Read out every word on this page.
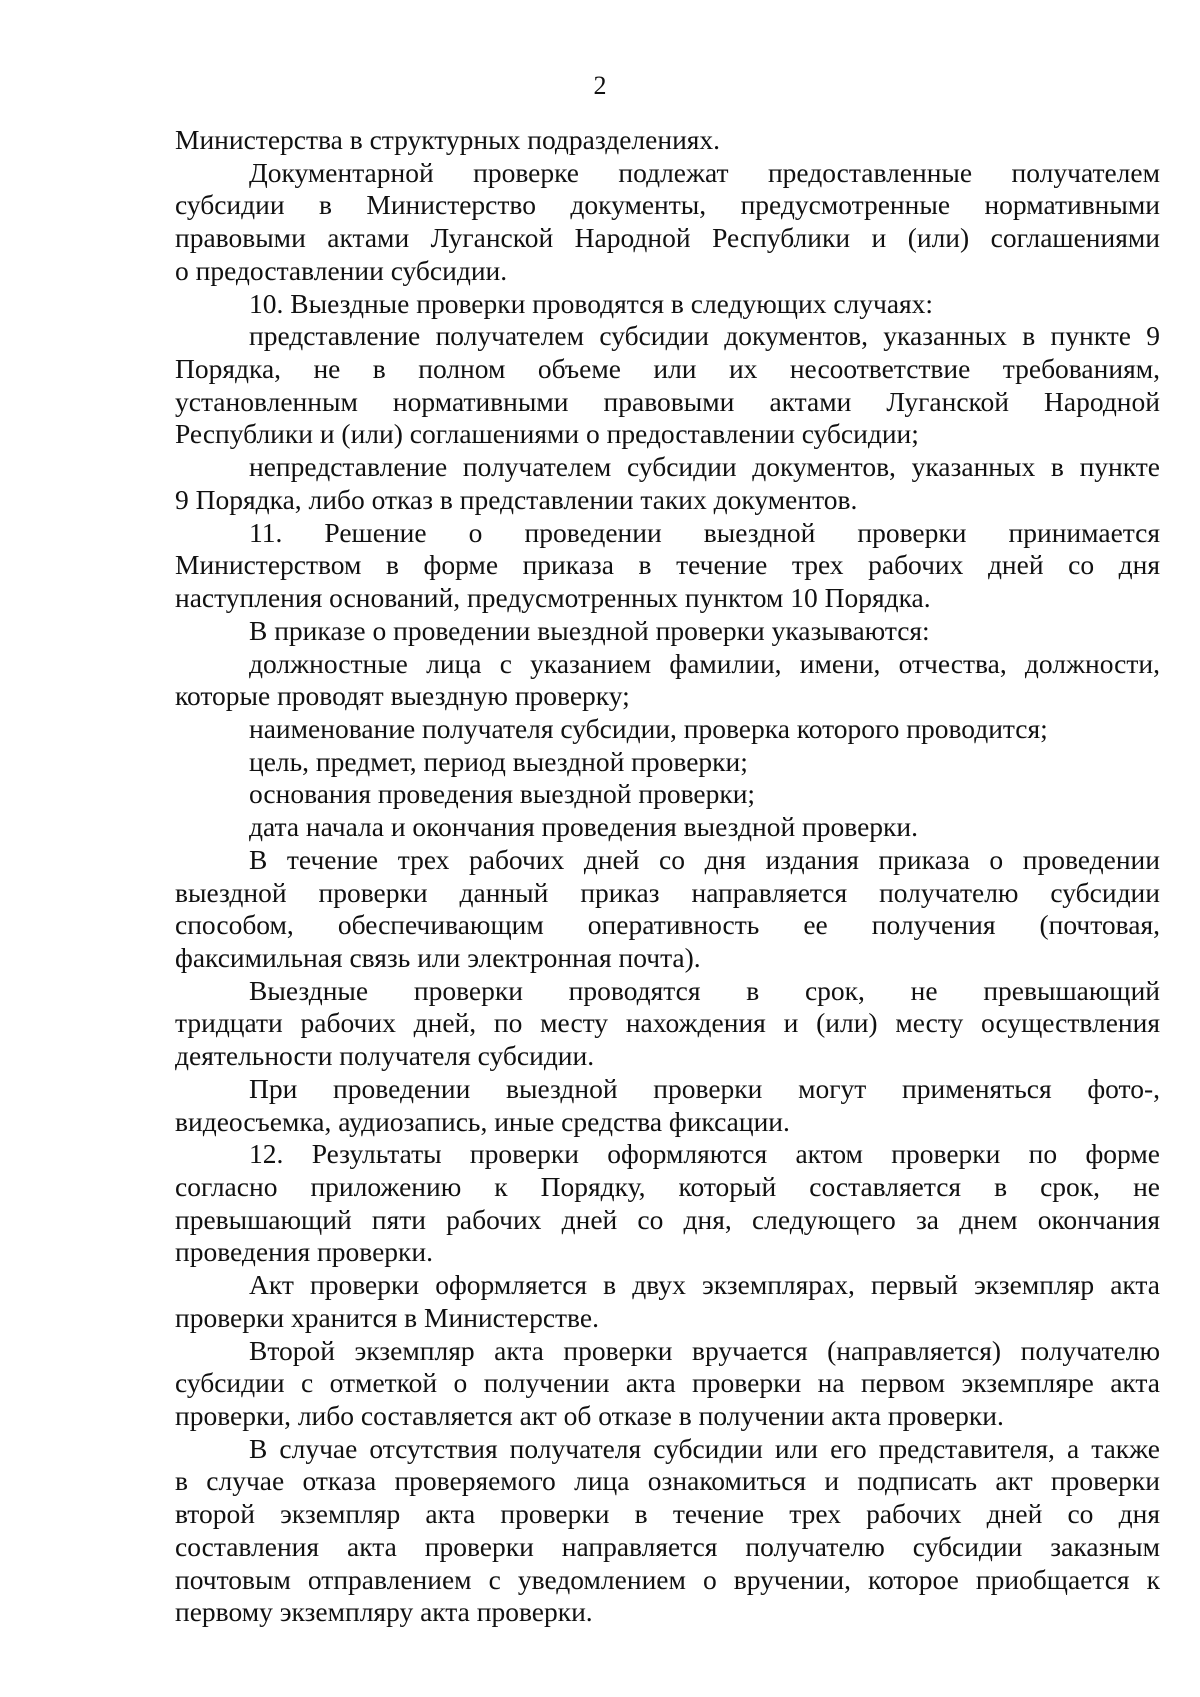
2
Министерства в структурных подразделениях.
Документарной проверке подлежат предоставленные получателем
субсидии в Министерство документы, предусмотренные нормативными
правовыми актами Луганской Народной Республики и (или) соглашениями
о предоставлении субсидии.
10. Выездные проверки проводятся в следующих случаях:
представление получателем субсидии документов, указанных в пункте 9
Порядка, не в полном объеме или их несоответствие требованиям,
установленным нормативными правовыми актами Луганской Народной
Республики и (или) соглашениями о предоставлении субсидии;
непредставление получателем субсидии документов, указанных в пункте
9 Порядка, либо отказ в представлении таких документов.
11. Решение о проведении выездной проверки принимается
Министерством в форме приказа в течение трех рабочих дней со дня
наступления оснований, предусмотренных пунктом 10 Порядка.
В приказе о проведении выездной проверки указываются:
должностные лица с указанием фамилии, имени, отчества, должности,
которые проводят выездную проверку;
наименование получателя субсидии, проверка которого проводится;
цель, предмет, период выездной проверки;
основания проведения выездной проверки;
дата начала и окончания проведения выездной проверки.
В течение трех рабочих дней со дня издания приказа о проведении
выездной проверки данный приказ направляется получателю субсидии
способом, обеспечивающим оперативность ее получения (почтовая,
факсимильная связь или электронная почта).
Выездные проверки проводятся в срок, не превышающий
тридцати рабочих дней, по месту нахождения и (или) месту осуществления
деятельности получателя субсидии.
При проведении выездной проверки могут применяться фото-,
видеосъемка, аудиозапись, иные средства фиксации.
12. Результаты проверки оформляются актом проверки по форме
согласно приложению к Порядку, который составляется в срок, не
превышающий пяти рабочих дней со дня, следующего за днем окончания
проведения проверки.
Акт проверки оформляется в двух экземплярах, первый экземпляр акта
проверки хранится в Министерстве.
Второй экземпляр акта проверки вручается (направляется) получателю
субсидии с отметкой о получении акта проверки на первом экземпляре акта
проверки, либо составляется акт об отказе в получении акта проверки.
В случае отсутствия получателя субсидии или его представителя, а также
в случае отказа проверяемого лица ознакомиться и подписать акт проверки
второй экземпляр акта проверки в течение трех рабочих дней со дня
составления акта проверки направляется получателю субсидии заказным
почтовым отправлением с уведомлением о вручении, которое приобщается к
первому экземпляру акта проверки.
